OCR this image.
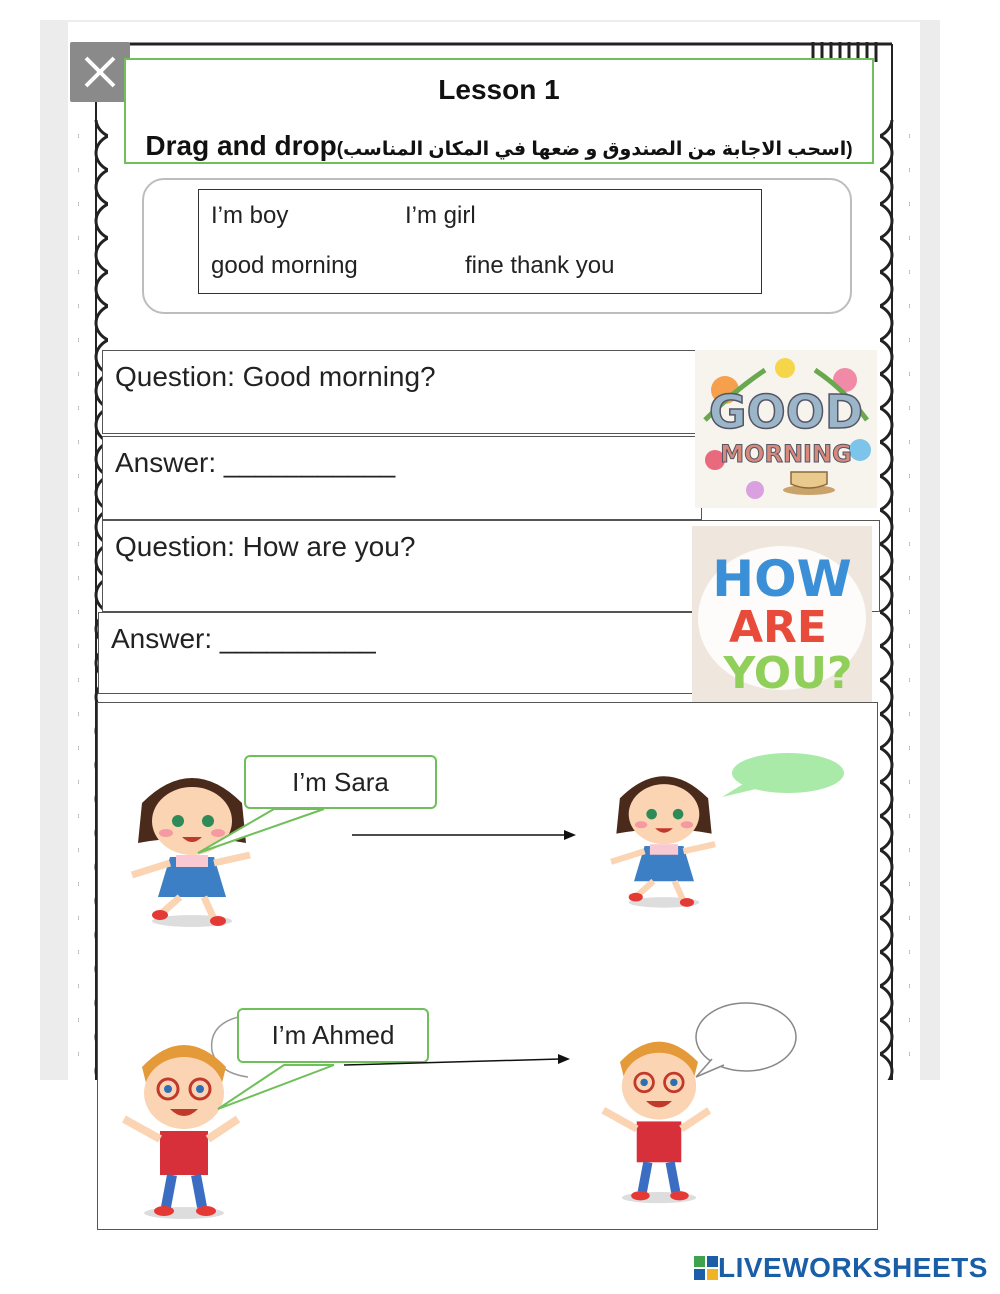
Lesson 1
Drag and drop(اسحب الاجابة من الصندوق و ضعها في المكان المناسب)
I’m boy	I’m girl
good morning	fine thank you
Question: Good morning?
Answer: ___________
Question: How are you?
Answer: __________
GOOD
MORNING
HOW
ARE
YOU?
I’m Sara
I’m Ahmed
LIVEWORKSHEETS
